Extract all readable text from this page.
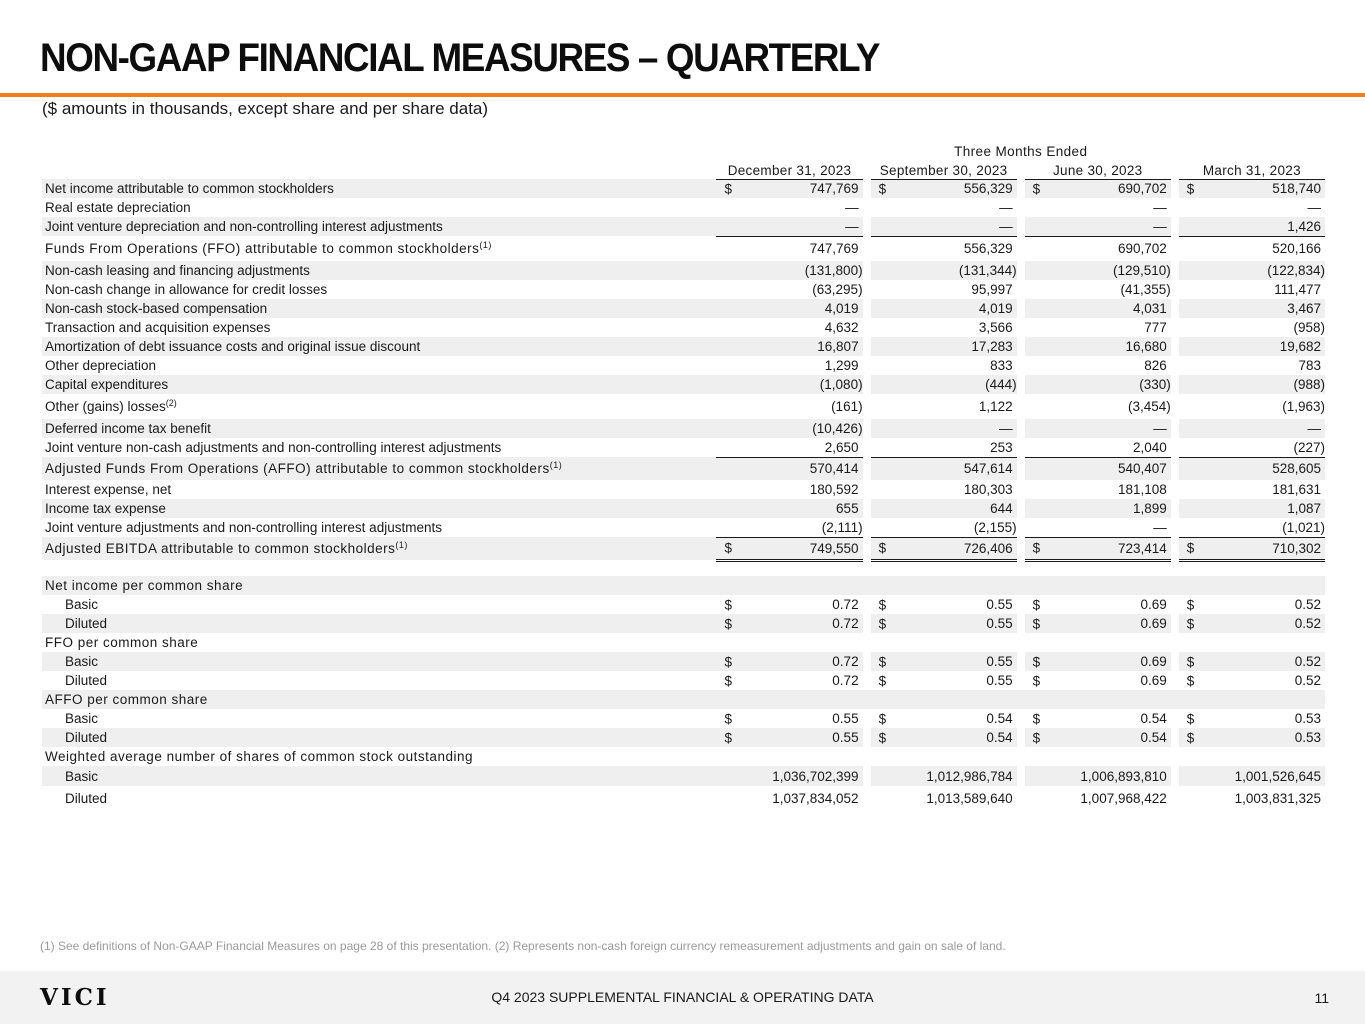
NON-GAAP FINANCIAL MEASURES – QUARTERLY
($ amounts in thousands, except share and per share data)
	Three Months Ended						
	December 31, 2023		September 30, 2023		June 30, 2023		March 31, 2023
Net income attributable to common stockholders	$ 747,769		$ 556,329		$ 690,702		$ 518,740
Real estate depreciation	—		—		—		—
Joint venture depreciation and non-controlling interest adjustments	—		—		—		1,426
Funds From Operations (FFO) attributable to common stockholders$^{(1)}$	747,769		556,329		690,702		520,166
Non-cash leasing and financing adjustments	(131,800)		(131,344)		(129,510)		(122,834)
Non-cash change in allowance for credit losses	(63,295)		95,997		(41,355)		111,477
Non-cash stock-based compensation	4,019		4,019		4,031		3,467
Transaction and acquisition expenses	4,632		3,566		777		(958)
Amortization of debt issuance costs and original issue discount	16,807		17,283		16,680		19,682
Other depreciation	1,299		833		826		783
Capital expenditures	(1,080)		(444)		(330)		(988)
Other (gains) losses$^{(2)}$	(161)		1,122		(3,454)		(1,963)
Deferred income tax benefit	(10,426)		—		—		—
Joint venture non-cash adjustments and non-controlling interest adjustments	2,650		253		2,040		(227)
Adjusted Funds From Operations (AFFO) attributable to common stockholders$^{(1)}$	570,414		547,614		540,407		528,605
Interest expense, net	180,592		180,303		181,108		181,631
Income tax expense	655		644		1,899		1,087
Joint venture adjustments and non-controlling interest adjustments	(2,111)		(2,155)		—		(1,021)
Adjusted EBITDA attributable to common stockholders$^{(1)}$	$ 749,550		$ 726,406		$ 723,414		$ 710,302

Net income per common share							
Basic	$ 0.72		$ 0.55		$ 0.69		$ 0.52
Diluted	$ 0.72		$ 0.55		$ 0.69		$ 0.52
FFO per common share							
Basic	$ 0.72		$ 0.55		$ 0.69		$ 0.52
Diluted	$ 0.72		$ 0.55		$ 0.69		$ 0.52
AFFO per common share							
Basic	$ 0.55		$ 0.54		$ 0.54		$ 0.53
Diluted	$ 0.55		$ 0.54		$ 0.54		$ 0.53
Weighted average number of shares of common stock outstanding							
Basic	1,036,702,399		1,012,986,784		1,006,893,810		1,001,526,645
Diluted	1,037,834,052		1,013,589,640		1,007,968,422		1,003,831,325
(1) See definitions of Non-GAAP Financial Measures on page 28 of this presentation. (2) Represents non-cash foreign currency remeasurement adjustments and gain on sale of land.
VICI	Q4 2023 SUPPLEMENTAL FINANCIAL & OPERATING DATA	11
